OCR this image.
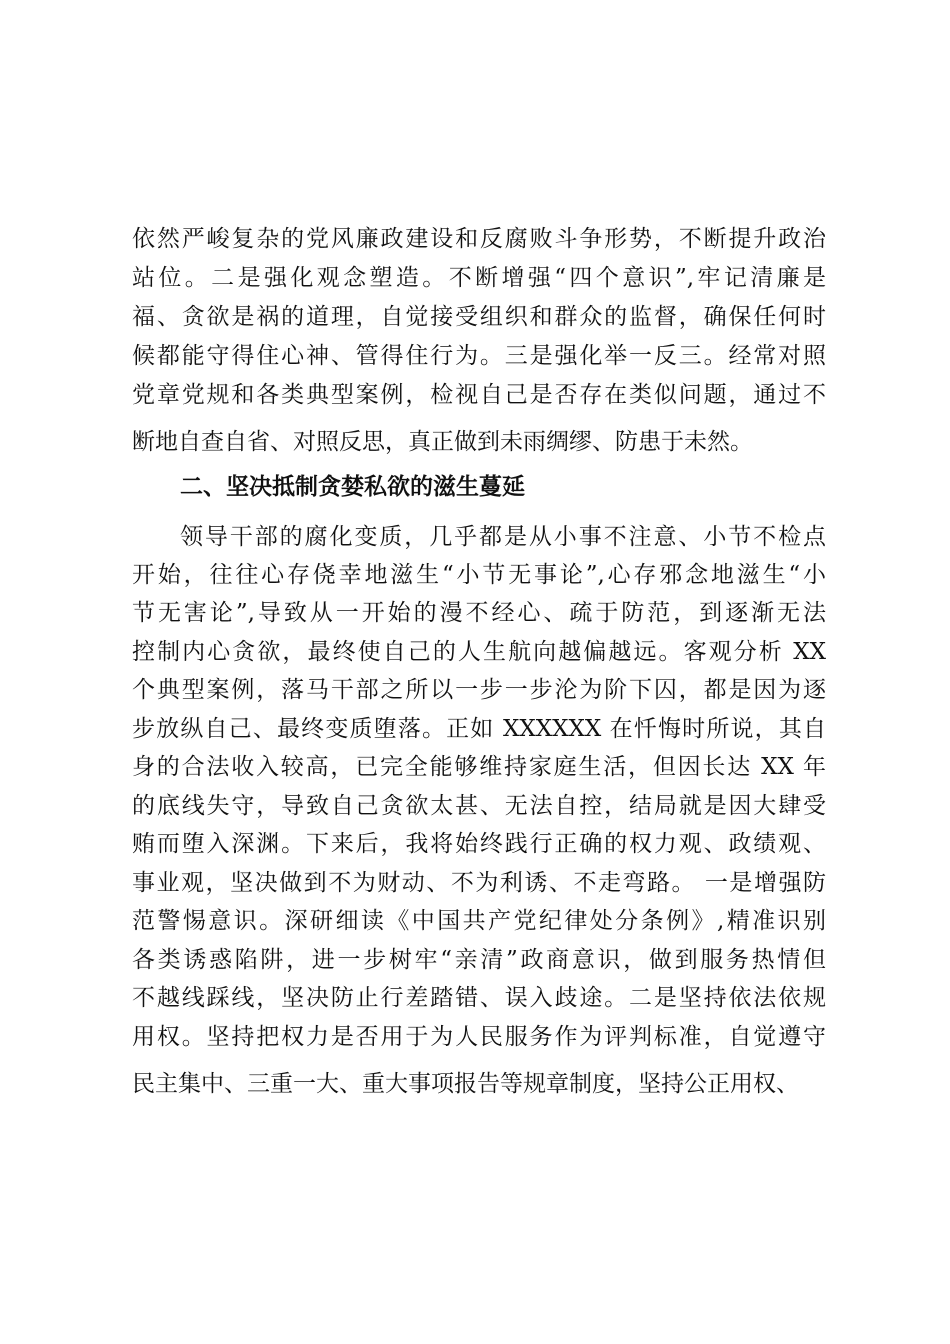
依然严峻复杂的党风廉政建设和反腐败斗争形势，不断提升政治
站位。二是强化观念塑造。不断增强“四个意识”,牢记清廉是
福、贪欲是祸的道理，自觉接受组织和群众的监督，确保任何时
候都能守得住心神、管得住行为。三是强化举一反三。经常对照
党章党规和各类典型案例，检视自己是否存在类似问题，通过不
断地自查自省、对照反思，真正做到未雨绸缪、防患于未然。
二、坚决抵制贪婪私欲的滋生蔓延
领导干部的腐化变质，几乎都是从小事不注意、小节不检点
开始，往往心存侥幸地滋生“小节无事论”,心存邪念地滋生“小
节无害论”,导致从一开始的漫不经心、疏于防范，到逐渐无法
控制内心贪欲，最终使自己的人生航向越偏越远。客观分析 XX
个典型案例，落马干部之所以一步一步沦为阶下囚，都是因为逐
步放纵自己、最终变质堕落。正如 XXXXXX 在忏悔时所说，其自
身的合法收入较高，已完全能够维持家庭生活，但因长达 XX 年
的底线失守，导致自己贪欲太甚、无法自控，结局就是因大肆受
贿而堕入深渊。下来后，我将始终践行正确的权力观、政绩观、
事业观，坚决做到不为财动、不为利诱、不走弯路。 一是增强防
范警惕意识。深研细读《中国共产党纪律处分条例》,精准识别
各类诱惑陷阱，进一步树牢“亲清”政商意识，做到服务热情但
不越线踩线，坚决防止行差踏错、误入歧途。二是坚持依法依规
用权。坚持把权力是否用于为人民服务作为评判标准，自觉遵守
民主集中、三重一大、重大事项报告等规章制度，坚持公正用权、
